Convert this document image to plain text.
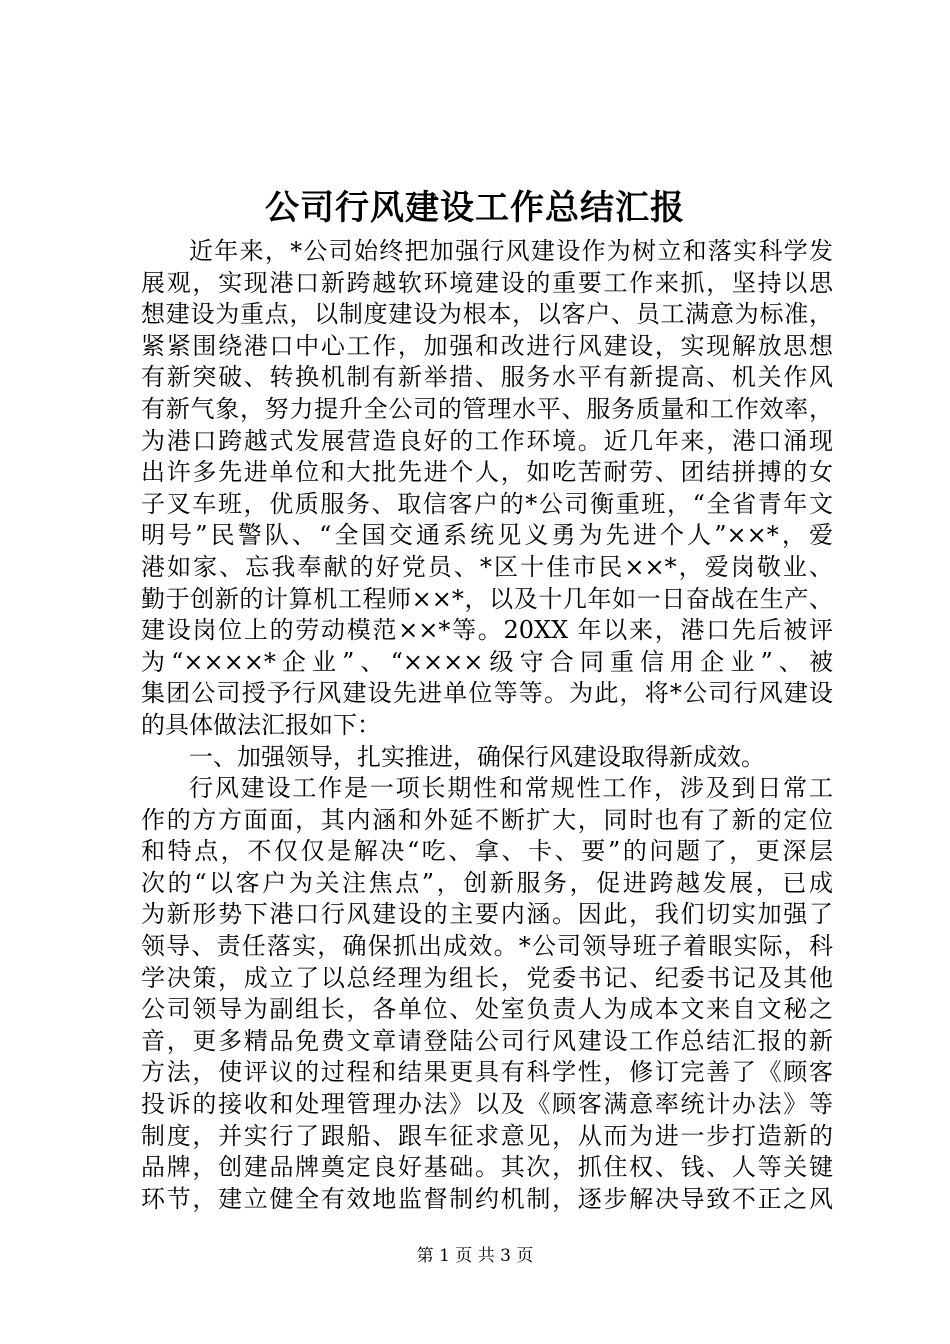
公司行风建设工作总结汇报
近年来，*公司始终把加强行风建设作为树立和落实科学发
展观，实现港口新跨越软环境建设的重要工作来抓，坚持以思
想建设为重点，以制度建设为根本，以客户、员工满意为标准，
紧紧围绕港口中心工作，加强和改进行风建设，实现解放思想
有新突破、转换机制有新举措、服务水平有新提高、机关作风
有新气象，努力提升全公司的管理水平、服务质量和工作效率，
为港口跨越式发展营造良好的工作环境。近几年来，港口涌现
出许多先进单位和大批先进个人，如吃苦耐劳、团结拼搏的女
子叉车班，优质服务、取信客户的*公司衡重班，“全省青年文
明号”民警队、“全国交通系统见义勇为先进个人”××*，爱
港如家、忘我奉献的好党员、*区十佳市民××*，爱岗敬业、
勤于创新的计算机工程师××*，以及十几年如一日奋战在生产、
建设岗位上的劳动模范××*等。20XX 年以来，港口先后被评
为“××××*企业”、“××××级守合同重信用企业”、被
集团公司授予行风建设先进单位等等。为此，将*公司行风建设
的具体做法汇报如下：
一、加强领导，扎实推进，确保行风建设取得新成效。
行风建设工作是一项长期性和常规性工作，涉及到日常工
作的方方面面，其内涵和外延不断扩大，同时也有了新的定位
和特点，不仅仅是解决“吃、拿、卡、要”的问题了，更深层
次的“以客户为关注焦点”，创新服务，促进跨越发展，已成
为新形势下港口行风建设的主要内涵。因此，我们切实加强了
领导、责任落实，确保抓出成效。*公司领导班子着眼实际，科
学决策，成立了以总经理为组长，党委书记、纪委书记及其他
公司领导为副组长，各单位、处室负责人为成本文来自文秘之
音，更多精品免费文章请登陆公司行风建设工作总结汇报的新
方法，使评议的过程和结果更具有科学性，修订完善了《顾客
投诉的接收和处理管理办法》以及《顾客满意率统计办法》等
制度，并实行了跟船、跟车征求意见，从而为进一步打造新的
品牌，创建品牌奠定良好基础。其次，抓住权、钱、人等关键
环节，建立健全有效地监督制约机制，逐步解决导致不正之风
第 1 页 共 3 页
